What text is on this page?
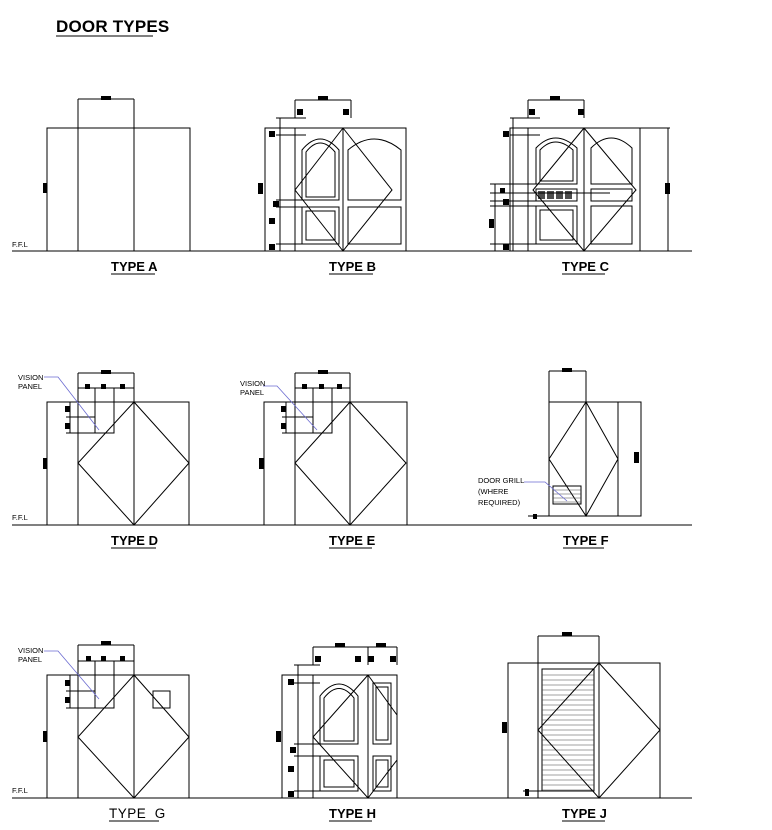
DOOR TYPES
F.F.L
F.F.L
F.F.L
TYPE A	TYPE B	TYPE C
VISION
PANEL
TYPE D
VISION
PANEL
TYPE E
DOOR GRILL
(WHERE
REQUIRED)
TYPE F
VISION
PANEL
TYPE  G	TYPE H	TYPE J
